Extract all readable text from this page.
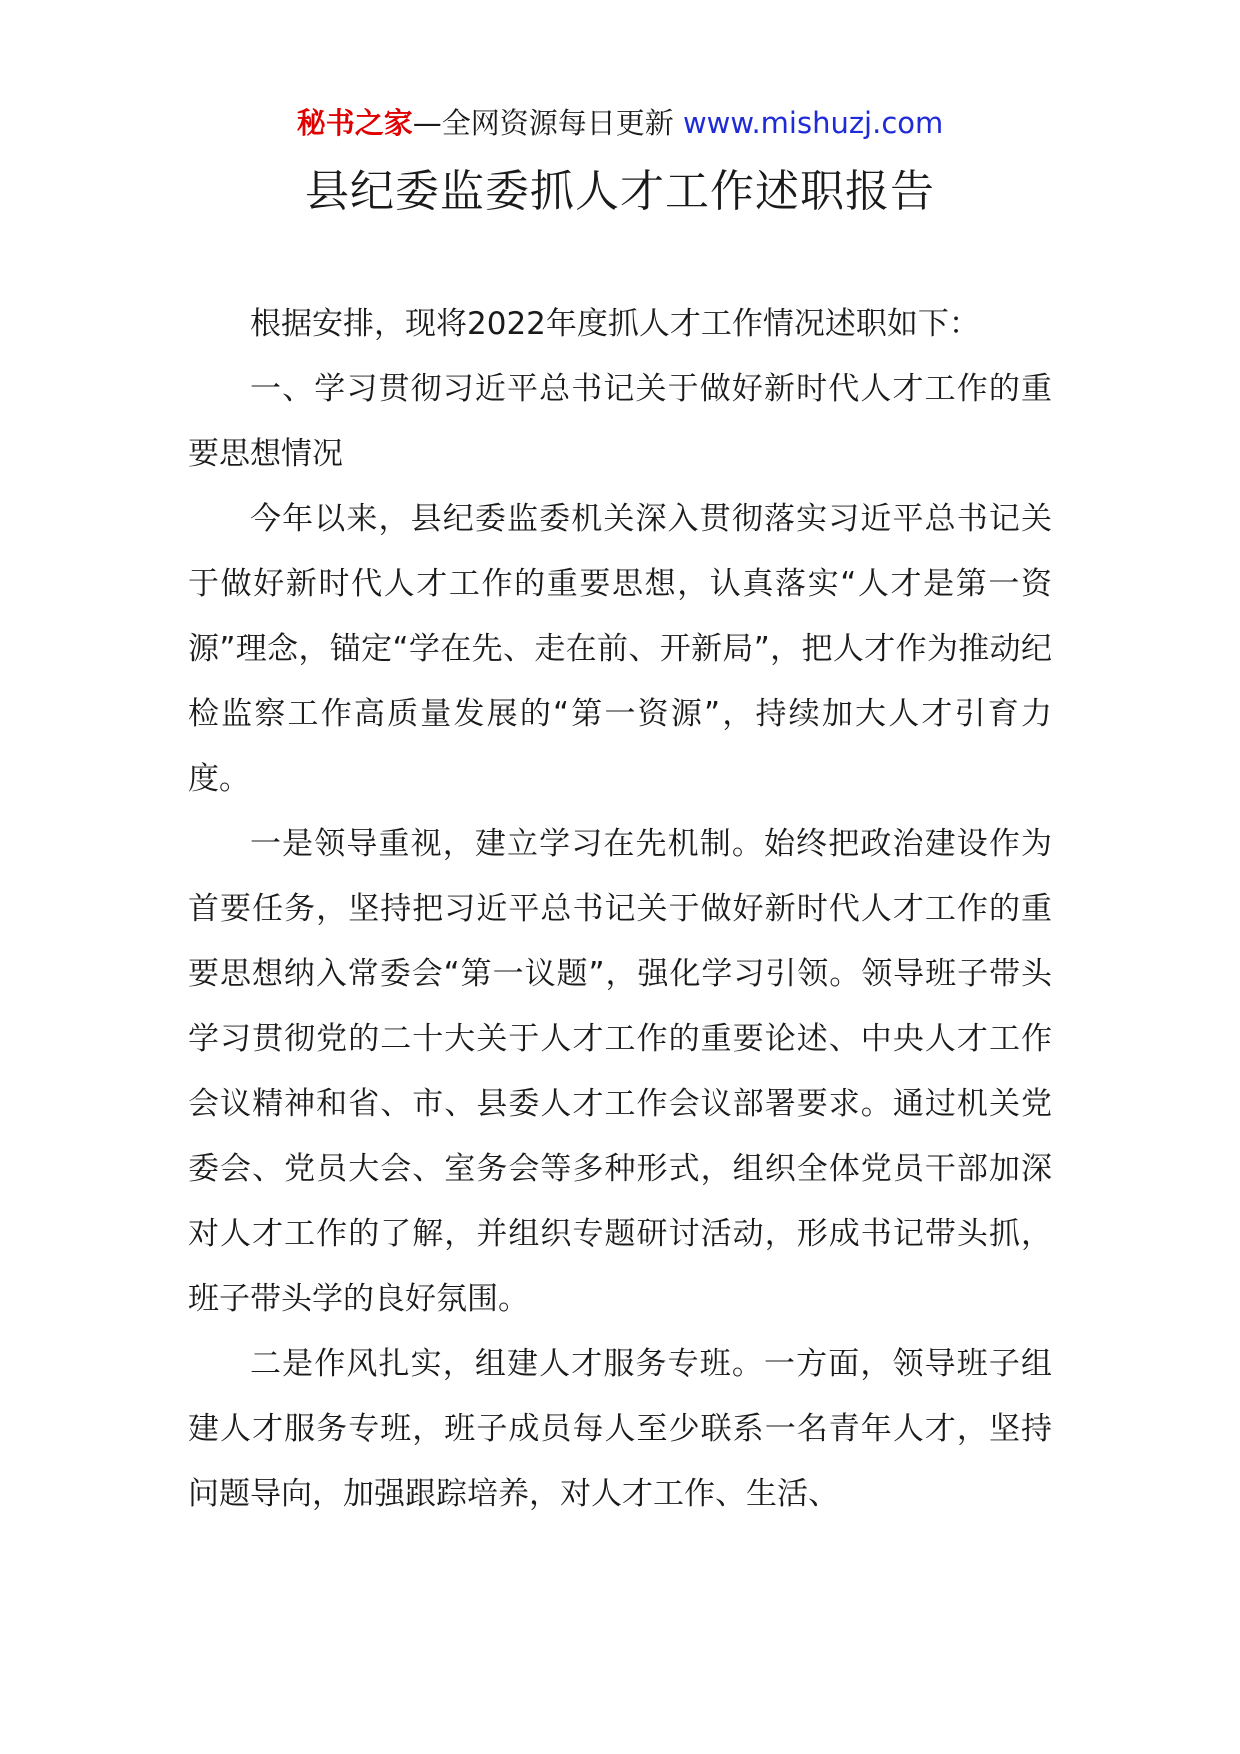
秘书之家—全网资源每日更新 www.mishuzj.com
县纪委监委抓人才工作述职报告

根据安排，现将2022年度抓人才工作情况述职如下：

一、学习贯彻习近平总书记关于做好新时代人才工作的重要思想情况

今年以来，县纪委监委机关深入贯彻落实习近平总书记关于做好新时代人才工作的重要思想，认真落实“人才是第一资源”理念，锚定“学在先、走在前、开新局”，把人才作为推动纪检监察工作高质量发展的“第一资源”，持续加大人才引育力度。

一是领导重视，建立学习在先机制。始终把政治建设作为首要任务，坚持把习近平总书记关于做好新时代人才工作的重要思想纳入常委会“第一议题”，强化学习引领。领导班子带头学习贯彻党的二十大关于人才工作的重要论述、中央人才工作会议精神和省、市、县委人才工作会议部署要求。通过机关党委会、党员大会、室务会等多种形式，组织全体党员干部加深对人才工作的了解，并组织专题研讨活动，形成书记带头抓，班子带头学的良好氛围。

二是作风扎实，组建人才服务专班。一方面，领导班子组建人才服务专班，班子成员每人至少联系一名青年人才，坚持问题导向，加强跟踪培养，对人才工作、生活、
